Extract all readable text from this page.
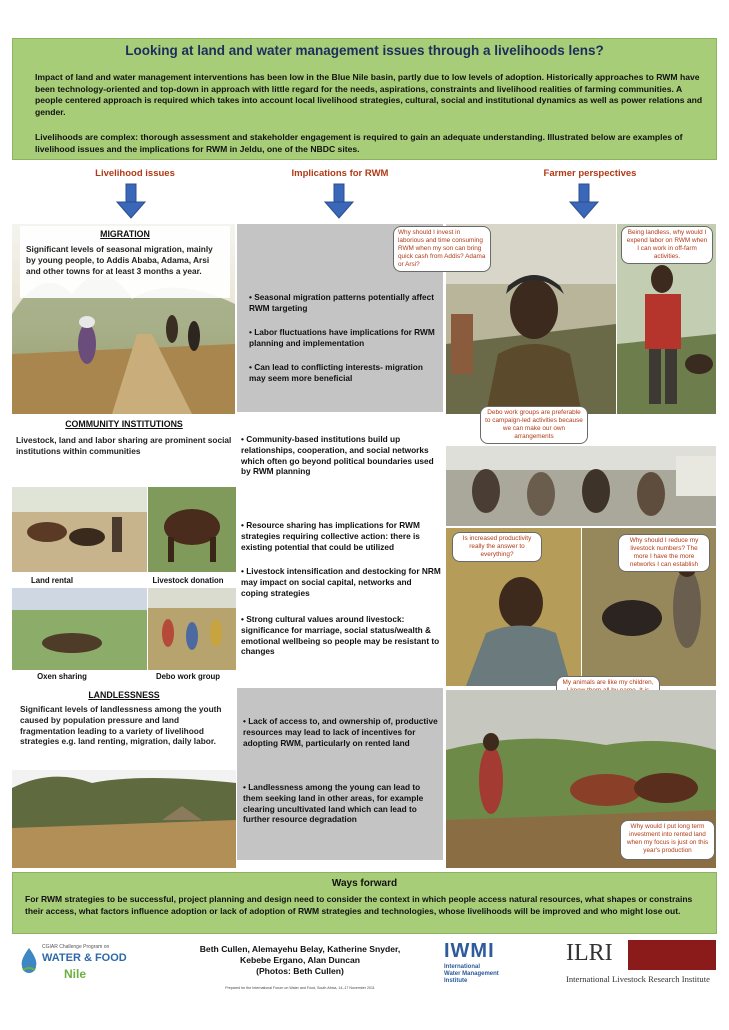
Looking at land and water management issues through a livelihoods lens?
Impact of land and water management interventions has been low in the Blue Nile basin, partly due to low levels of adoption. Historically approaches to RWM have been technology-oriented and top-down in approach with little regard for the needs, aspirations, constraints and livelihood realities of farming communities. A people centered approach is required which takes into account local livelihood strategies, cultural, social and institutional dynamics as well as power relations and gender.
Livelihoods are complex: thorough assessment and stakeholder engagement is required to gain an adequate understanding. Illustrated below are examples of livelihood issues and the implications for RWM in Jeldu, one of the NBDC sites.
Livelihood issues	Implications for RWM	Farmer perspectives
MIGRATION
Significant levels of seasonal migration, mainly by young people, to Addis Ababa, Adama, Arsi and other towns for at least 3 months a year.
• Seasonal migration patterns potentially affect RWM targeting
• Labor fluctuations have implications for RWM planning and implementation
• Can lead to conflicting interests- migration may seem more beneficial
Why should I invest in laborious and time consuming RWM when my son can bring quick cash from Addis? Adama or Arsi?
Being landless, why would I expend labor on RWM when I can work in off-farm activities.
Debo work groups are preferable to campaign-led activities because we can make our own arrangements
COMMUNITY INSTITUTIONS
Livestock, land and labor sharing are prominent social institutions within communities
Land rental	Livestock donation
Oxen sharing	Debo work group
• Community-based institutions build up relationships, cooperation, and social networks which often go beyond political boundaries used by RWM planning
• Resource sharing has implications for RWM strategies requiring collective action: there is existing potential that could be utilized
• Livestock intensification and destocking for NRM may impact on social capital, networks and coping strategies
• Strong cultural values around livestock: significance for marriage, social status/wealth & emotional wellbeing so people may be resistant to changes
Is increased productivity really the answer to everything?
Why should I reduce my livestock numbers? The more I have the more networks I can establish
My animals are like my children,
LANDLESSNESS
Significant levels of landlessness among the youth caused by population pressure and land fragmentation leading to a variety of livelihood strategies e.g. land renting, migration, daily labor.
• Lack of access to, and ownership of, productive resources may lead to lack of incentives for adopting RWM, particularly on rented land
• Landlessness among the young can lead to them seeking land in other areas, for example clearing uncultivated land which can lead to further resource degradation
Why would I put long term investment into rented land when my focus is just on this year's production
Ways forward
For RWM strategies to be successful, project planning and design need to consider the context in which people access natural resources, what shapes or constrains their access, what factors influence adoption or lack of adoption of RWM strategies and technologies, whose livelihoods will be improved and who might lose out.
CGIAR Challenge Program on
WATER & FOOD
Nile
Beth Cullen, Alemayehu Belay, Katherine Snyder,
Kebebe Ergano, Alan Duncan
(Photos: Beth Cullen)
Prepared for the International Forum on Water and Food, South Africa, 14–17 November 2011
IWMI
International
Water Management
Institute
ILRI
International Livestock Research Institute
